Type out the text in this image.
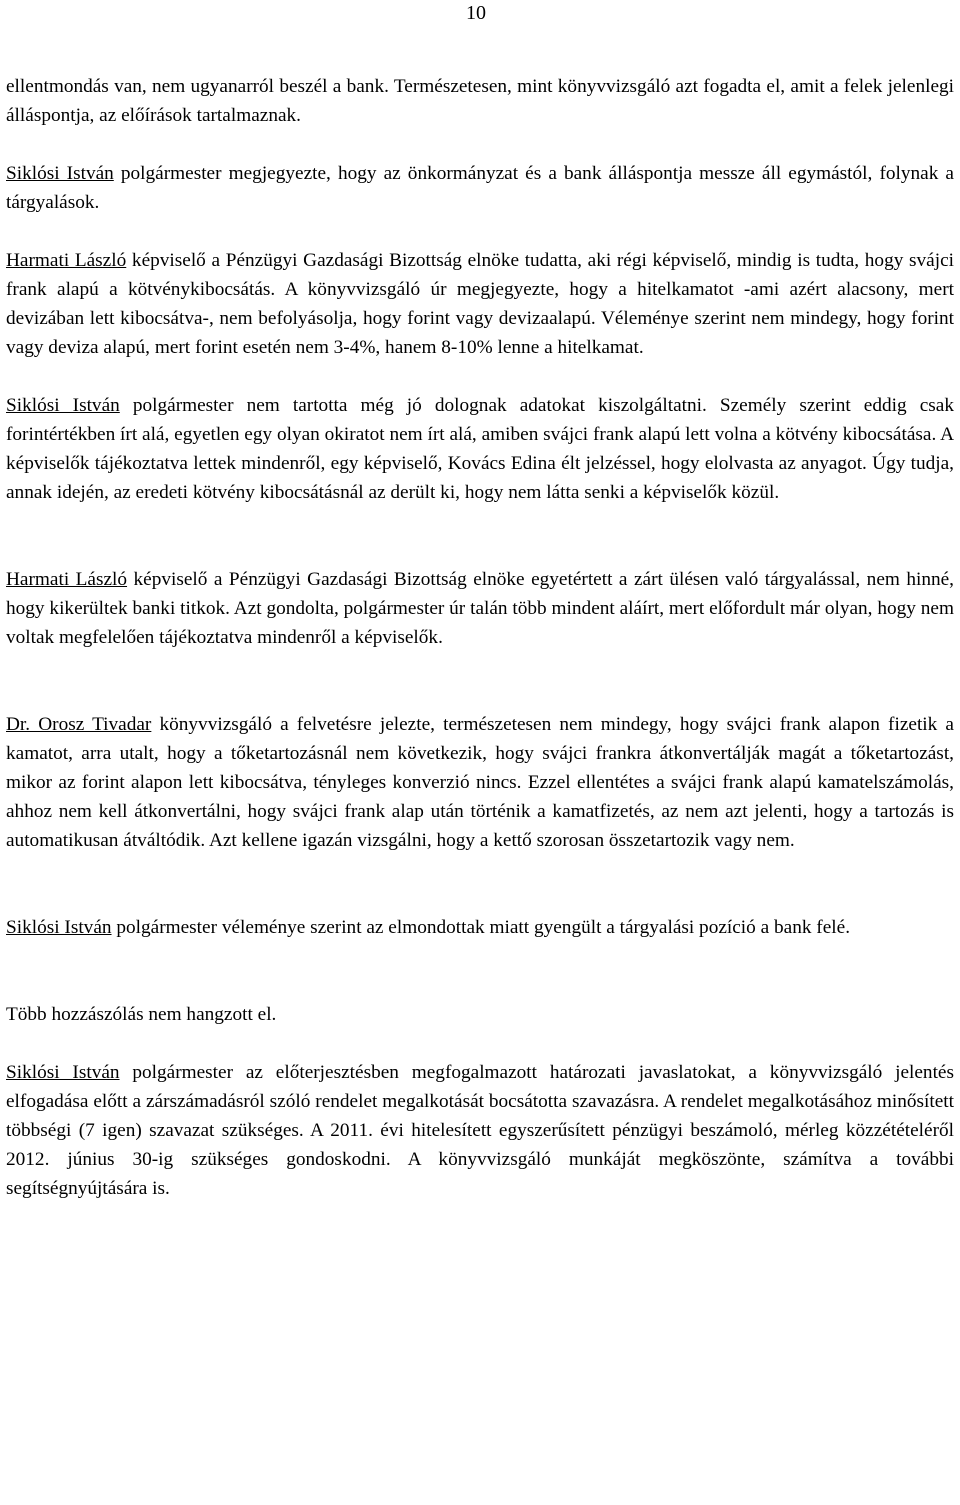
10

ellentmondás van, nem ugyanarról beszél a bank. Természetesen, mint könyvvizsgáló azt fogadta el, amit a felek jelenlegi álláspontja, az előírások tartalmaznak.

Siklósi István polgármester megjegyezte, hogy az önkormányzat és a bank álláspontja messze áll egymástól, folynak a tárgyalások.

Harmati László képviselő a Pénzügyi Gazdasági Bizottság elnöke tudatta, aki régi képviselő, mindig is tudta, hogy svájci frank alapú a kötvénykibocsátás. A könyvvizsgáló úr megjegyezte, hogy a hitelkamatot -ami azért alacsony, mert devizában lett kibocsátva-, nem befolyásolja, hogy forint vagy devizaalapú. Véleménye szerint nem mindegy, hogy forint vagy deviza alapú, mert forint esetén nem 3-4%, hanem 8-10% lenne a hitelkamat.

Siklósi István polgármester nem tartotta még jó dolognak adatokat kiszolgáltatni. Személy szerint eddig csak forintértékben írt alá, egyetlen egy olyan okiratot nem írt alá, amiben svájci frank alapú lett volna a kötvény kibocsátása. A képviselők tájékoztatva lettek mindenről, egy képviselő, Kovács Edina élt jelzéssel, hogy elolvasta az anyagot. Úgy tudja, annak idején, az eredeti kötvény kibocsátásnál az derült ki, hogy nem látta senki a képviselők közül.

Harmati László képviselő a Pénzügyi Gazdasági Bizottság elnöke egyetértett a zárt ülésen való tárgyalással, nem hinné, hogy kikerültek banki titkok. Azt gondolta, polgármester úr talán több mindent aláírt, mert előfordult már olyan, hogy nem voltak megfelelően tájékoztatva mindenről a képviselők.

Dr. Orosz Tivadar könyvvizsgáló a felvetésre jelezte, természetesen nem mindegy, hogy svájci frank alapon fizetik a kamatot, arra utalt, hogy a tőketartozásnál nem következik, hogy svájci frankra átkonvertálják magát a tőketartozást, mikor az forint alapon lett kibocsátva, tényleges konverzió nincs. Ezzel ellentétes a svájci frank alapú kamatelszámolás, ahhoz nem kell átkonvertálni, hogy svájci frank alap után történik a kamatfizetés, az nem azt jelenti, hogy a tartozás is automatikusan átváltódik. Azt kellene igazán vizsgálni, hogy a kettő szorosan összetartozik vagy nem.

Siklósi István polgármester véleménye szerint az elmondottak miatt gyengült a tárgyalási pozíció a bank felé.

Több hozzászólás nem hangzott el.

Siklósi István polgármester az előterjesztésben megfogalmazott határozati javaslatokat, a könyvvizsgáló jelentés elfogadása előtt a zárszámadásról szóló rendelet megalkotását bocsátotta szavazásra. A rendelet megalkotásához minősített többségi (7 igen) szavazat szükséges. A 2011. évi hitelesített egyszerűsített pénzügyi beszámoló, mérleg közzétételéről 2012. június 30-ig szükséges gondoskodni. A könyvvizsgáló munkáját megköszönte, számítva a további segítségnyújtására is.
